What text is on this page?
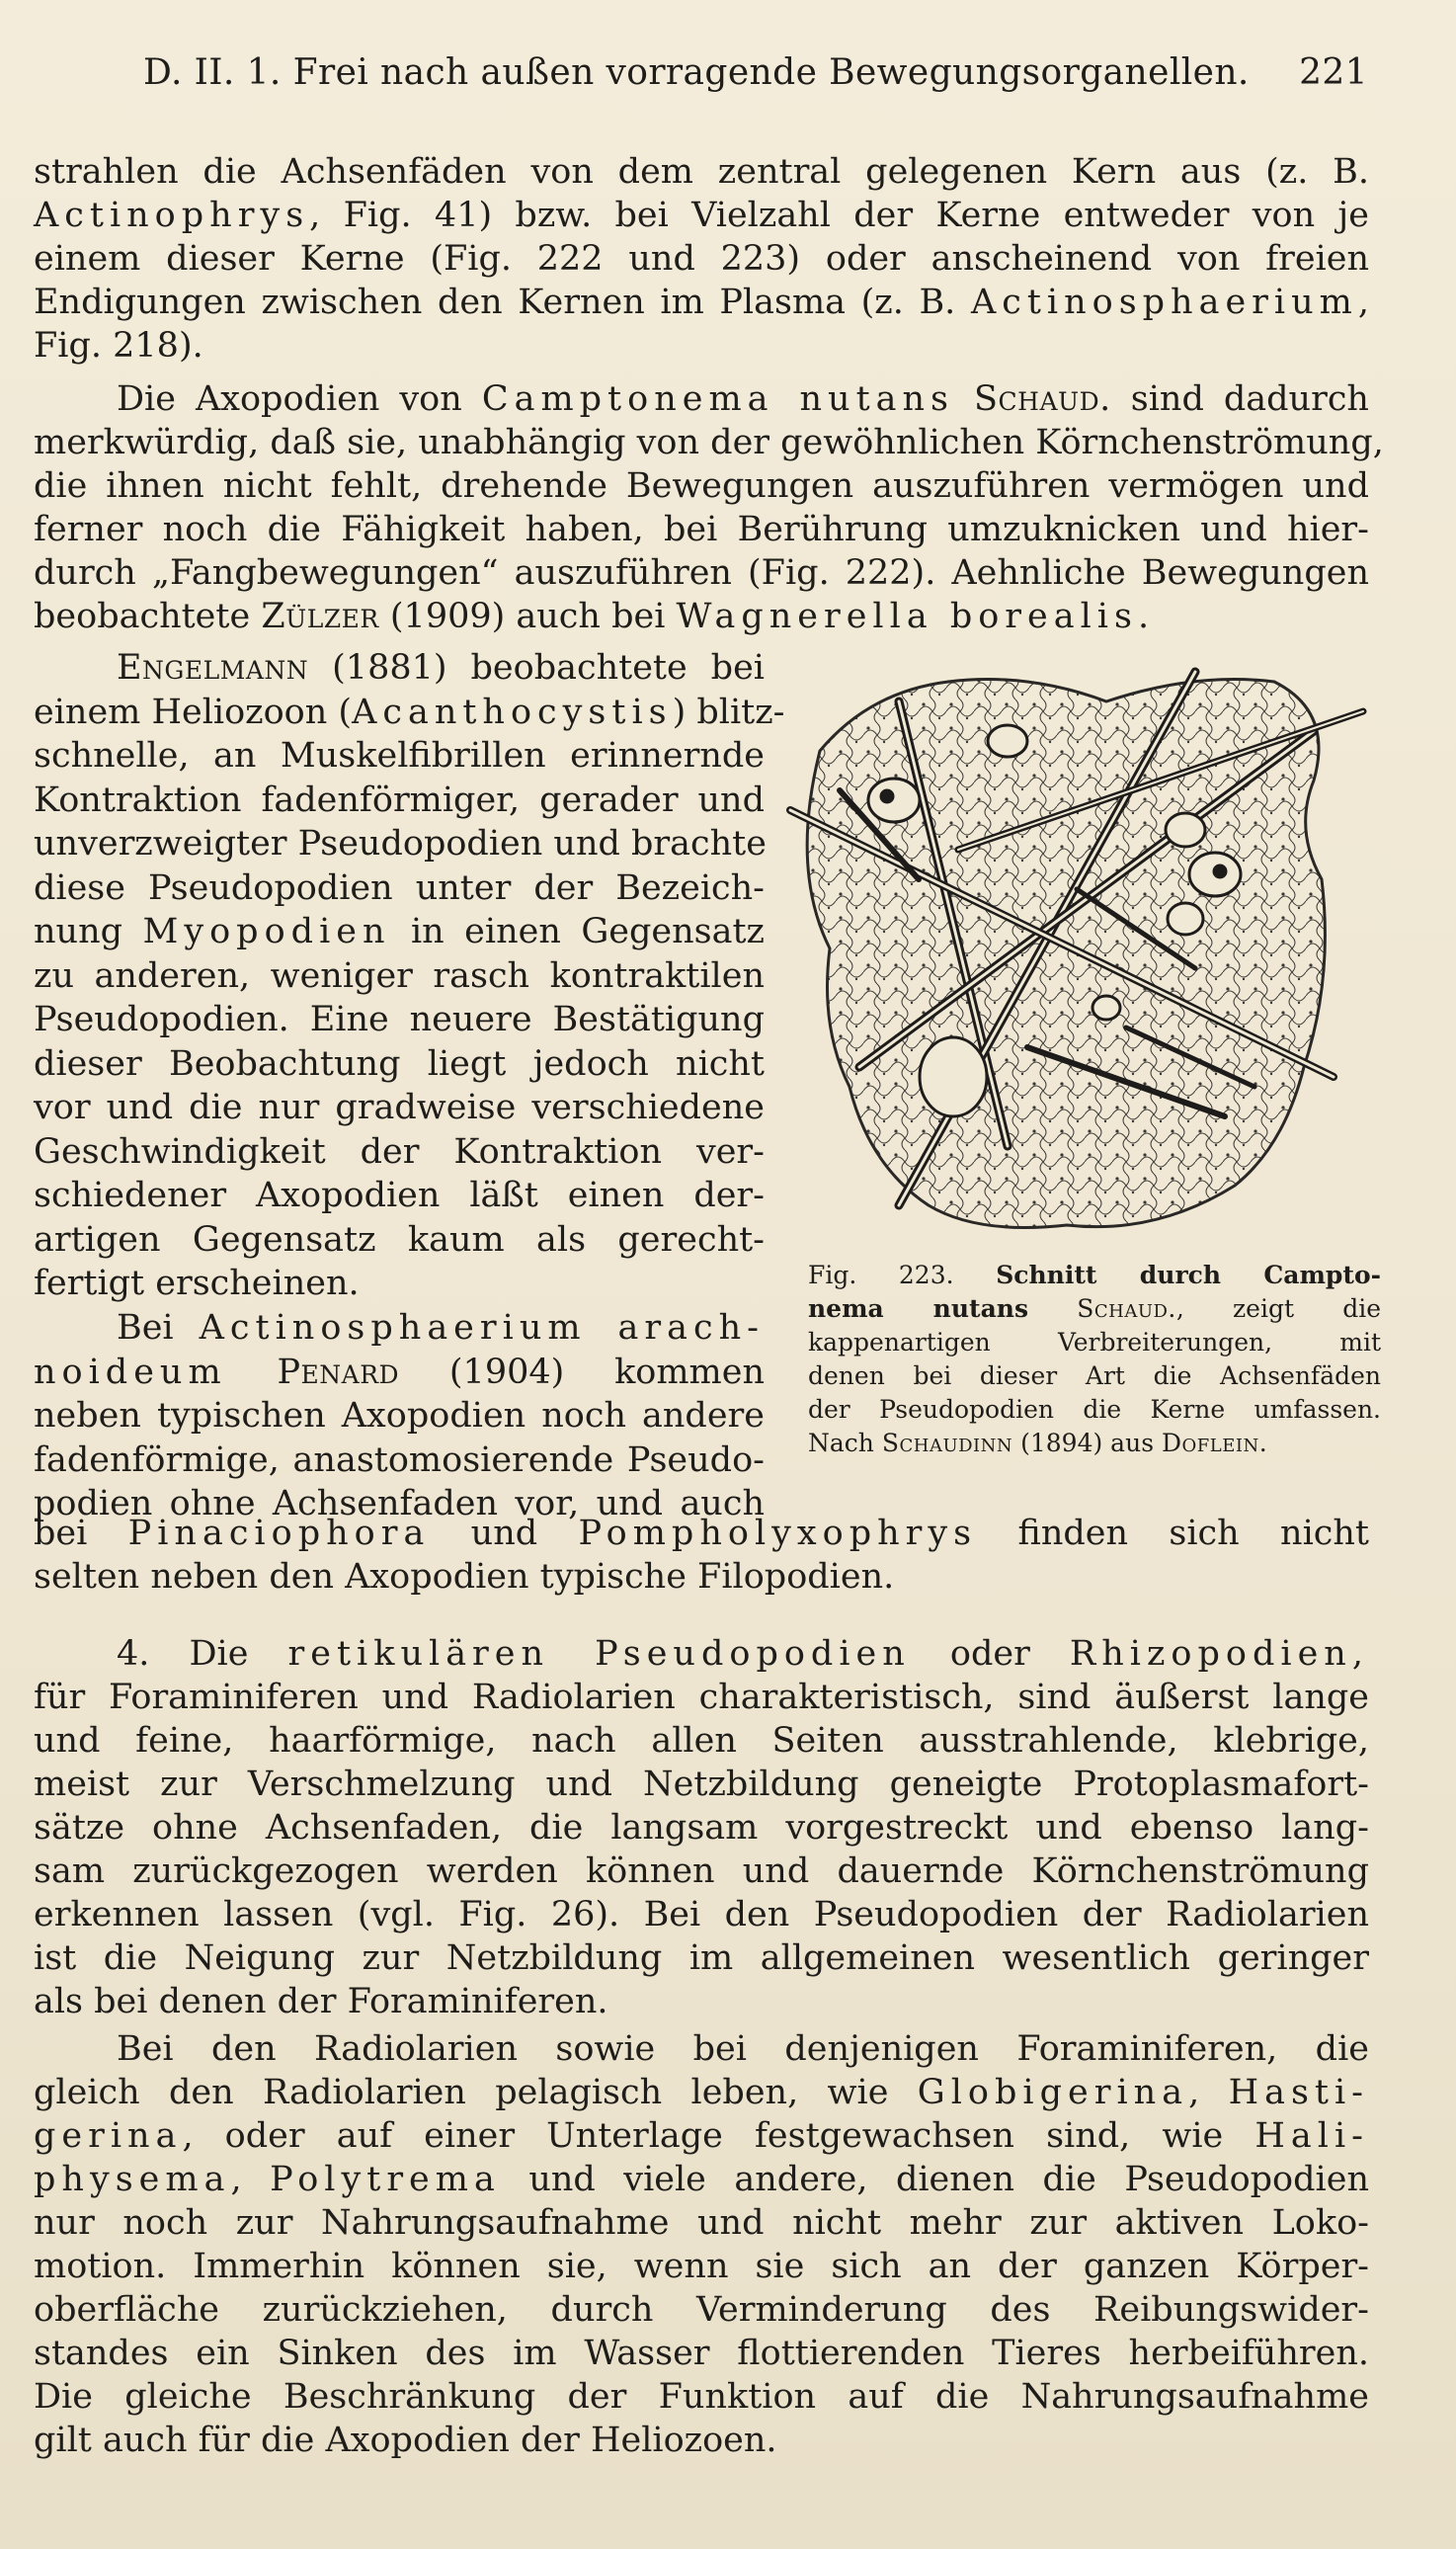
D. II. 1. Frei nach außen vorragende Bewegungsorganellen. 221
strahlen die Achsenfäden von dem zentral gelegenen Kern aus (z. B.
Actinophrys, Fig. 41) bzw. bei Vielzahl der Kerne entweder von je
einem dieser Kerne (Fig. 222 und 223) oder anscheinend von freien
Endigungen zwischen den Kernen im Plasma (z. B. Actinosphaerium,
Fig. 218).
Die Axopodien von Camptonema nutans Schaud. sind dadurch
merkwürdig, daß sie, unabhängig von der gewöhnlichen Körnchenströmung,
die ihnen nicht fehlt, drehende Bewegungen auszuführen vermögen und
ferner noch die Fähigkeit haben, bei Berührung umzuknicken und hier-
durch „Fangbewegungen“ auszuführen (Fig. 222). Aehnliche Bewegungen
beobachtete Zülzer (1909) auch bei Wagnerella borealis.
Engelmann (1881) beobachtete bei
einem Heliozoon (Acanthocystis) blitz-
schnelle, an Muskelfibrillen erinnernde
Kontraktion fadenförmiger, gerader und
unverzweigter Pseudopodien und brachte
diese Pseudopodien unter der Bezeich-
nung Myopodien in einen Gegensatz
zu anderen, weniger rasch kontraktilen
Pseudopodien. Eine neuere Bestätigung
dieser Beobachtung liegt jedoch nicht
vor und die nur gradweise verschiedene
Geschwindigkeit der Kontraktion ver-
schiedener Axopodien läßt einen der-
artigen Gegensatz kaum als gerecht-
fertigt erscheinen.
Bei Actinosphaerium arach-
noideum Penard (1904) kommen
neben typischen Axopodien noch andere
fadenförmige, anastomosierende Pseudo-
podien ohne Achsenfaden vor, und auch
bei Pinaciophora und Pompholyxophrys finden sich nicht
selten neben den Axopodien typische Filopodien.
Fig. 223. Schnitt durch Campto-
nema nutans Schaud., zeigt die
kappenartigen Verbreiterungen, mit
denen bei dieser Art die Achsenfäden
der Pseudopodien die Kerne umfassen.
Nach Schaudinn (1894) aus Doflein.
4. Die retikulären Pseudopodien oder Rhizopodien,
für Foraminiferen und Radiolarien charakteristisch, sind äußerst lange
und feine, haarförmige, nach allen Seiten ausstrahlende, klebrige,
meist zur Verschmelzung und Netzbildung geneigte Protoplasmafort-
sätze ohne Achsenfaden, die langsam vorgestreckt und ebenso lang-
sam zurückgezogen werden können und dauernde Körnchenströmung
erkennen lassen (vgl. Fig. 26). Bei den Pseudopodien der Radiolarien
ist die Neigung zur Netzbildung im allgemeinen wesentlich geringer
als bei denen der Foraminiferen.
Bei den Radiolarien sowie bei denjenigen Foraminiferen, die
gleich den Radiolarien pelagisch leben, wie Globigerina, Hasti-
gerina, oder auf einer Unterlage festgewachsen sind, wie Hali-
physema, Polytrema und viele andere, dienen die Pseudopodien
nur noch zur Nahrungsaufnahme und nicht mehr zur aktiven Loko-
motion. Immerhin können sie, wenn sie sich an der ganzen Körper-
oberfläche zurückziehen, durch Verminderung des Reibungswider-
standes ein Sinken des im Wasser flottierenden Tieres herbeiführen.
Die gleiche Beschränkung der Funktion auf die Nahrungsaufnahme
gilt auch für die Axopodien der Heliozoen.
